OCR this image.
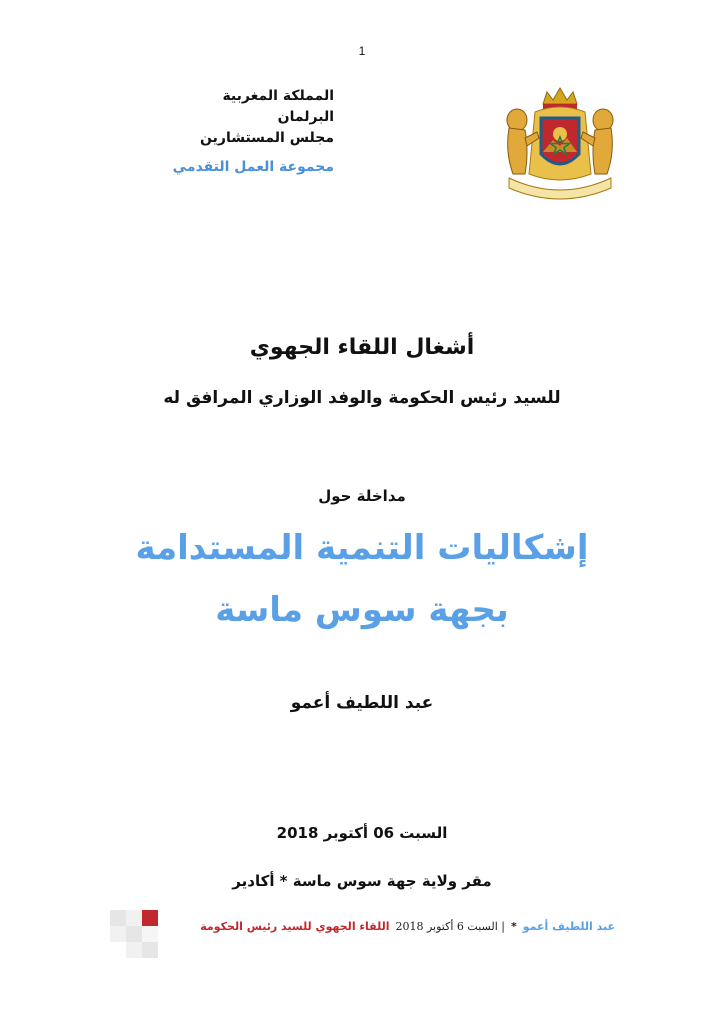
1
المملكة المغربية
البرلمان
مجلس المستشارين
مجموعة العمل التقدمي
أشغال اللقاء الجهوي
للسيد رئيس الحكومة والوفد الوزاري المرافق له
مداخلة حول
إشكاليات التنمية المستدامة
بجهة سوس ماسة
عبد اللطيف أعمو
السبت 06 أكتوبر 2018
مقر ولاية جهة سوس ماسة * أكادير
عبد اللطيف أعمو
*
السبت 6 أكتوبر 2018 |
اللقاء الجهوي للسيد رئيس الحكومة
